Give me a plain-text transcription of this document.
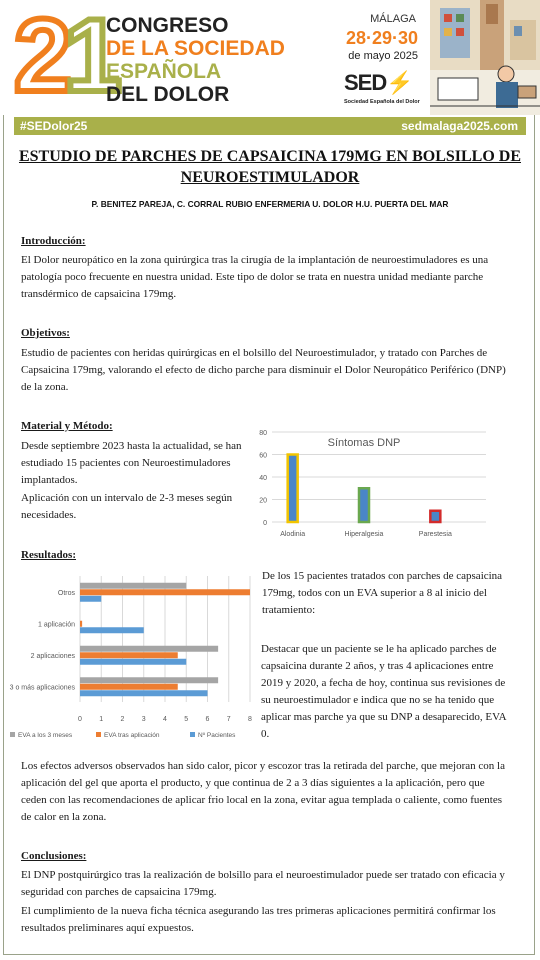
21
CONGRESO
DE LA SOCIEDAD
ESPAÑOLA
DEL DOLOR
MÁLAGA
28·29·30
de mayo 2025
SED⚡
Sociedad Española del Dolor
#SEDolor25	sedmalaga2025.com
ESTUDIO DE PARCHES DE CAPSAICINA 179MG EN BOLSILLO DE NEUROESTIMULADOR
P. BENITEZ PAREJA, C. CORRAL RUBIO ENFERMERIA U. DOLOR H.U. PUERTA DEL MAR
Introducción:
El Dolor neuropático en la zona quirúrgica tras la cirugía de la implantación de neuroestimuladores es una patología poco frecuente en nuestra unidad. Este tipo de dolor se trata en nuestra unidad mediante parche transdérmico de capsaicina 179mg.
Objetivos:
Estudio de pacientes con heridas quirúrgicas en el bolsillo del Neuroestimulador, y tratado con Parches de Capsaicina 179mg, valorando el efecto de dicho parche para disminuir el Dolor Neuropático Periférico (DNP) de la zona.
Material y Método:
Desde septiembre 2023 hasta la actualidad, se han estudiado 15 pacientes con Neuroestimuladores implantados.
Aplicación con un intervalo de 2-3 meses según necesidades.
0
20
40
60
80
Alodinia	Hiperalgesia	Parestesia
Síntomas DNP
Resultados:
3 o más aplicaciones
2 aplicaciones
1 aplicación
Otros
0 1 2 3 4 5 6 7 8
EVA a los 3 meses	EVA tras aplicación	Nº Pacientes
De los 15 pacientes tratados con parches de capsaicina 179mg, todos con un EVA superior a 8 al inicio del tratamiento:
Destacar que un paciente se le ha aplicado parches de capsaicina durante 2 años, y tras 4 aplicaciones entre 2019 y 2020, a fecha de hoy, continua sus revisiones de su neuroestimulador e indica que no se ha tenido que aplicar mas parche ya que su DNP a desaparecido, EVA 0.
Los efectos adversos observados han sido calor, picor y escozor tras la retirada del parche, que mejoran con la aplicación del gel que aporta el producto, y que continua de 2 a 3 días siguientes a la aplicación, pero que ceden con las recomendaciones de aplicar frio local en la zona, evitar agua templada o caliente, como fuentes de calor en la zona.
Conclusiones:
El DNP postquirúrgico tras la realización de bolsillo para el neuroestimulador puede ser tratado con eficacia y seguridad con parches de capsaicina 179mg.
El cumplimiento de la nueva ficha técnica asegurando las tres primeras aplicaciones permitirá confirmar los resultados preliminares aquí expuestos.
